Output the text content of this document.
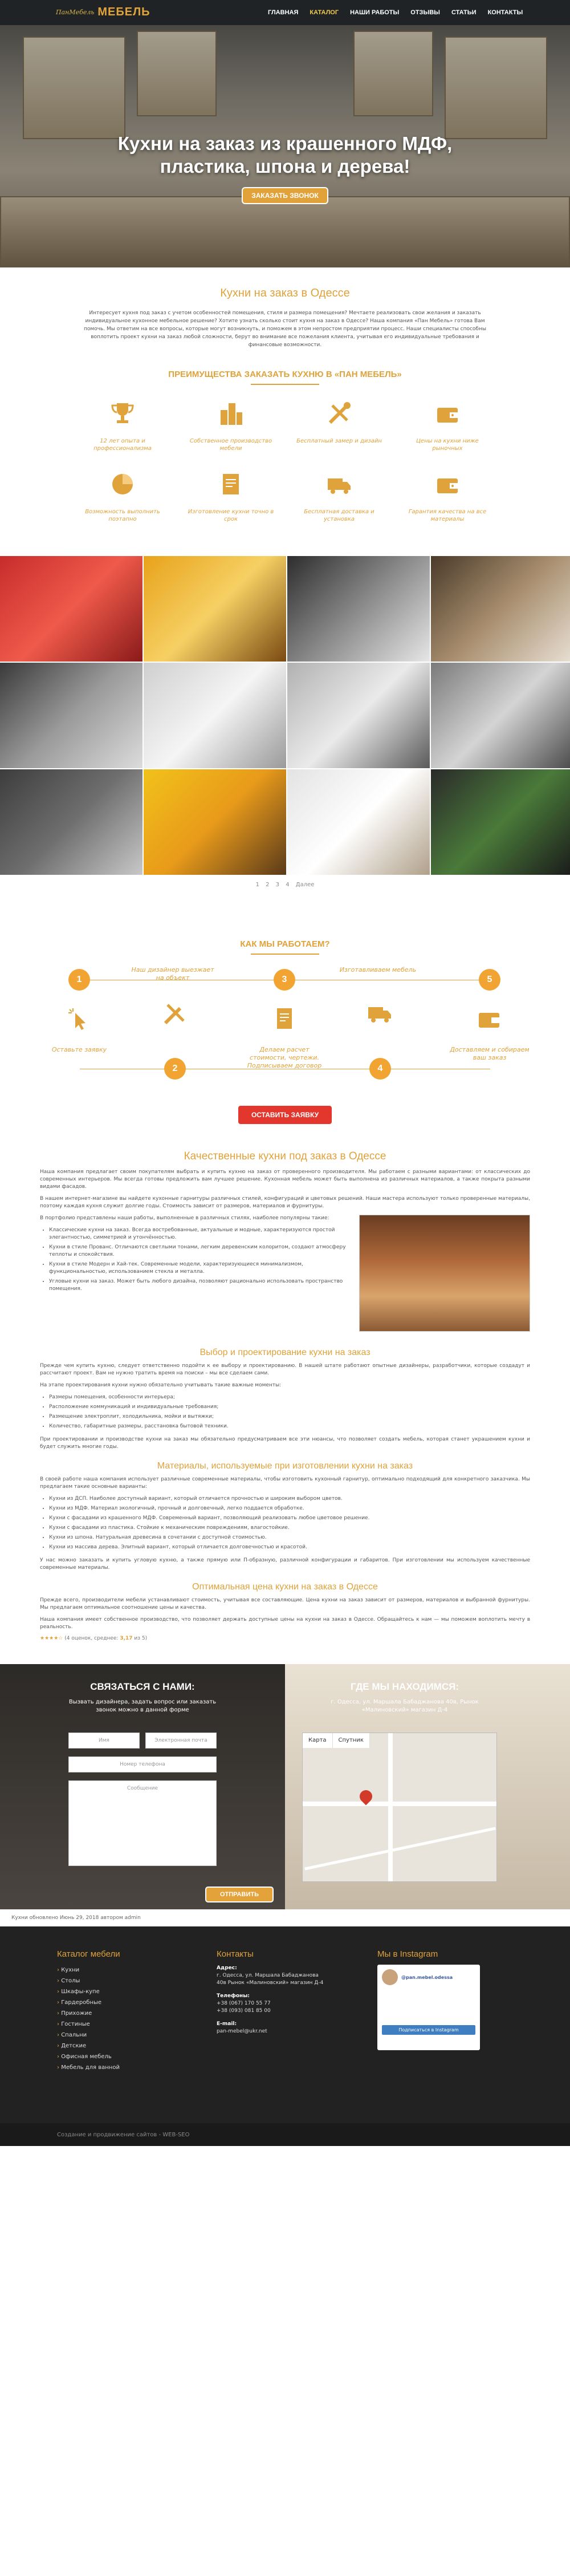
ПанМебель МЕБЕЛЬ	ГЛАВНАЯ	КАТАЛОГ	НАШИ РАБОТЫ	ОТЗЫВЫ	СТАТЬИ	КОНТАКТЫ
Кухни на заказ из крашенного МДФ,
пластика, шпона и дерева!
ЗАКАЗАТЬ ЗВОНОК
Кухни на заказ в Одессе

Интересует кухня под заказ с учетом особенностей помещения, стиля и размера помещения? Мечтаете реализовать свои желания и заказать индивидуальное кухонное мебельное решение? Хотите узнать сколько стоит кухня на заказ в Одессе? Наша компания «Пан Мебель» готова Вам помочь. Мы ответим на все вопросы, которые могут возникнуть, и поможем в этом непростом предприятии процесс. Наши специалисты способны воплотить проект кухни на заказ любой сложности, берут во внимание все пожелания клиента, учитывая его индивидуальные требования и финансовые возможности.

ПРЕИМУЩЕСТВА ЗАКАЗАТЬ КУХНЮ В «ПАН МЕБЕЛЬ»
12 лет опыта и профессионализма
Собственное производство мебели
Бесплатный замер и дизайн	Цены на кухни ниже рыночных
Возможность выполнить поэтапно
Изготовление кухни точно в срок
Бесплатная доставка и установка
Гарантия качества на все материалы
1 2 3 4 Далее
КАК МЫ РАБОТАЕМ?
1
Оставьте заявку
Наш дизайнер выезжает на объект
2
3
Делаем расчет стоимости, чертежи. Подписываем договор
Изготавливаем мебель
4
5
Доставляем и собираем ваш заказ
ОСТАВИТЬ ЗАЯВКУ
Качественные кухни под заказ в Одессе

Наша компания предлагает своим покупателям выбрать и купить кухню на заказ от проверенного производителя. Мы работаем с разными вариантами: от классических до современных интерьеров. Мы всегда готовы предложить вам лучшее решение. Кухонная мебель может быть выполнена из различных материалов, а также покрыта разными видами фасадов.

В нашем интернет-магазине вы найдете кухонные гарнитуры различных стилей, конфигураций и цветовых решений. Наши мастера используют только проверенные материалы, поэтому каждая кухня служит долгие годы. Стоимость зависит от размеров, материалов и фурнитуры.

В портфолио представлены наши работы, выполненные в различных стилях, наиболее популярны такие:

• Классические кухни на заказ. Всегда востребованные, актуальные и модные, характеризуются простой элегантностью, симметрией и утончённостью.
• Кухни в стиле Прованс. Отличаются светлыми тонами, легким деревенским колоритом, создают атмосферу теплоты и спокойствия.
• Кухни в стиле Модерн и Хай-тек. Современные модели, характеризующиеся минимализмом, функциональностью, использованием стекла и металла.
• Угловые кухни на заказ. Может быть любого дизайна, позволяют рационально использовать пространство помещения.
Выбор и проектирование кухни на заказ

Прежде чем купить кухню, следует ответственно подойти к ее выбору и проектированию. В нашей штате работают опытные дизайнеры, разработчики, которые создадут и рассчитают проект. Вам не нужно тратить время на поиски – мы все сделаем сами.

На этапе проектирования кухни нужно обязательно учитывать такие важные моменты:

• Размеры помещения, особенности интерьера;
• Расположение коммуникаций и индивидуальные требования;
• Размещение электроплит, холодильника, мойки и вытяжки;
• Количество, габаритные размеры, расстановка бытовой техники.

При проектировании и производстве кухни на заказ мы обязательно предусматриваем все эти нюансы, что позволяет создать мебель, которая станет украшением кухни и будет служить многие годы.

Материалы, используемые при изготовлении кухни на заказ

В своей работе наша компания использует различные современные материалы, чтобы изготовить кухонный гарнитур, оптимально подходящий для конкретного заказчика. Мы предлагаем такие основные варианты:

• Кухни из ДСП. Наиболее доступный вариант, который отличается прочностью и широким выбором цветов.
• Кухни из МДФ. Материал экологичный, прочный и долговечный, легко поддается обработке.
• Кухни с фасадами из крашенного МДФ. Современный вариант, позволяющий реализовать любое цветовое решение.
• Кухни с фасадами из пластика. Стойкие к механическим повреждениям, влагостойкие.
• Кухни из шпона. Натуральная древесина в сочетании с доступной стоимостью.
• Кухни из массива дерева. Элитный вариант, который отличается долговечностью и красотой.

У нас можно заказать и купить угловую кухню, а также прямую или П-образную, различной конфигурации и габаритов. При изготовлении мы используем качественные современные материалы.

Оптимальная цена кухни на заказ в Одессе

Прежде всего, производители мебели устанавливают стоимость, учитывая все составляющие. Цена кухни на заказ зависит от размеров, материалов и выбранной фурнитуры. Мы предлагаем оптимальное соотношение цены и качества.

Наша компания имеет собственное производство, что позволяет держать доступные цены на кухни на заказ в Одессе. Обращайтесь к нам — мы поможем воплотить мечту в реальность.

★★★★☆ (4 оценок, среднее: 3,17 из 5)
СВЯЗАТЬСЯ С НАМИ:
Вызвать дизайнера, задать вопрос или заказать звонок можно в данной форме
Имя	Электронная почта
Номер телефона
Сообщение
ОТПРАВИТЬ
ГДЕ МЫ НАХОДИМСЯ:
г. Одесса, ул. Маршала Бабаджанова 40в, Рынок «Малиновский» магазин Д-4
Карта	Спутник
Кухни обновлено Июнь 29, 2018 автором admin
Каталог мебели
› Кухни
› Столы
› Шкафы-купе
› Гардеробные
› Прихожие
› Гостиные
› Спальни
› Детские
› Офисная мебель
› Мебель для ванной
Контакты
Адрес:
г. Одесса, ул. Маршала Бабаджанова 40в Рынок «Малиновский» магазин Д-4
Телефоны:
+38 (067) 170 55 77
+38 (093) 081 85 00
E-mail:
pan-mebel@ukr.net
Мы в Instagram
@pan.mebel.odessa
Подписаться в Instagram
Создание и продвижение сайтов - WEB-SEO
